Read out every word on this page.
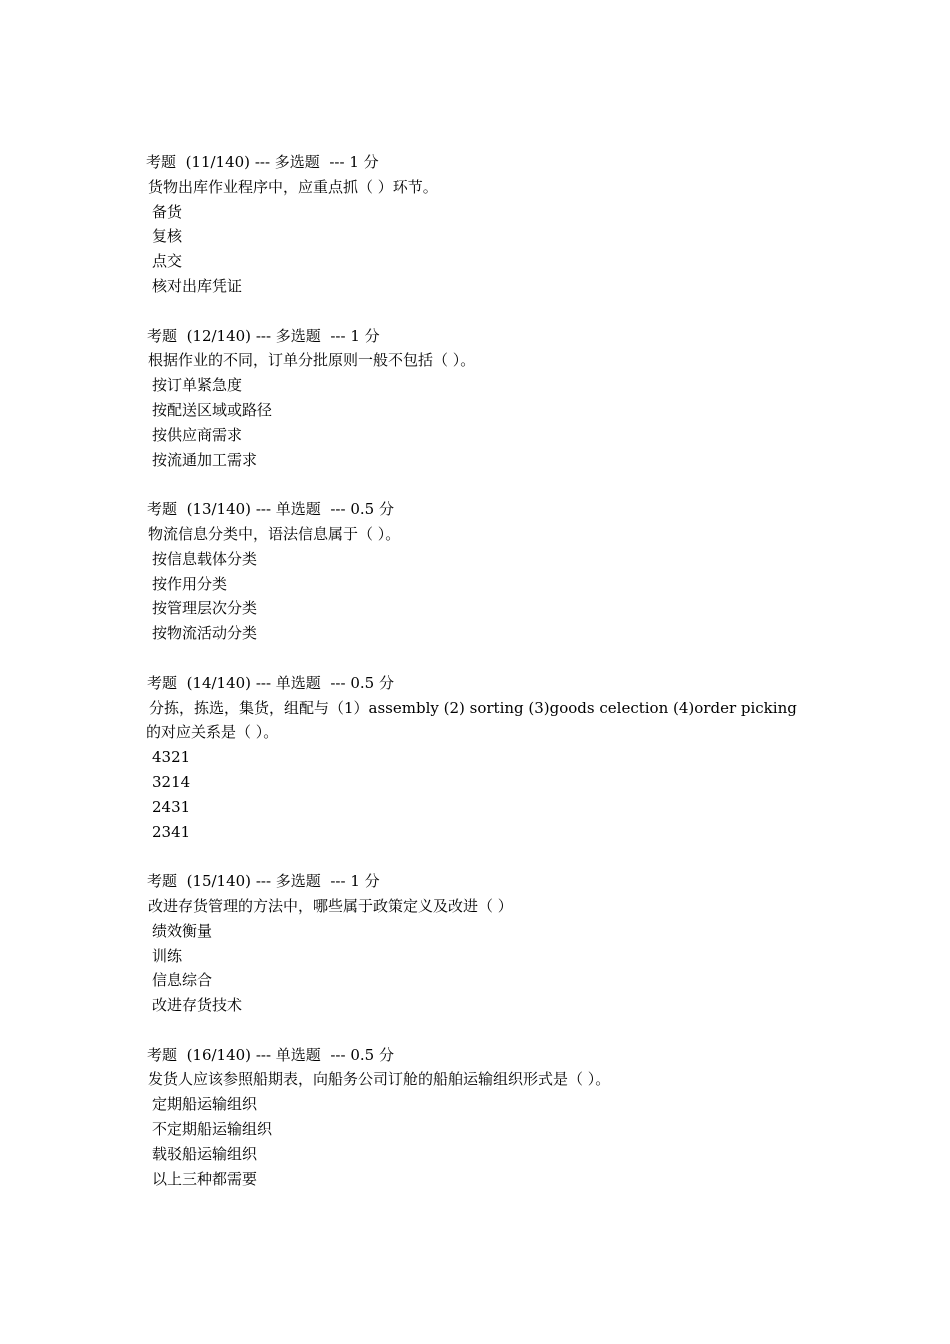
考题 (11/140) --- 多选题 --- 1 分
货物出库作业程序中，应重点抓（ ）环节。
备货
复核
点交
核对出库凭证
考题 (12/140) --- 多选题 --- 1 分
根据作业的不同，订单分批原则一般不包括（ ）。
按订单紧急度
按配送区域或路径
按供应商需求
按流通加工需求
考题 (13/140) --- 单选题 --- 0.5 分
物流信息分类中，语法信息属于（ ）。
按信息载体分类
按作用分类
按管理层次分类
按物流活动分类
考题 (14/140) --- 单选题 --- 0.5 分
分拣，拣选，集货，组配与（1）assembly (2) sorting (3)goods celection (4)order picking 的对应关系是（ ）。
4321
3214
2431
2341
考题 (15/140) --- 多选题 --- 1 分
改进存货管理的方法中，哪些属于政策定义及改进（ ）
绩效衡量
训练
信息综合
改进存货技术
考题 (16/140) --- 单选题 --- 0.5 分
发货人应该参照船期表，向船务公司订舱的船舶运输组织形式是（ ）。
定期船运输组织
不定期船运输组织
载驳船运输组织
以上三种都需要
